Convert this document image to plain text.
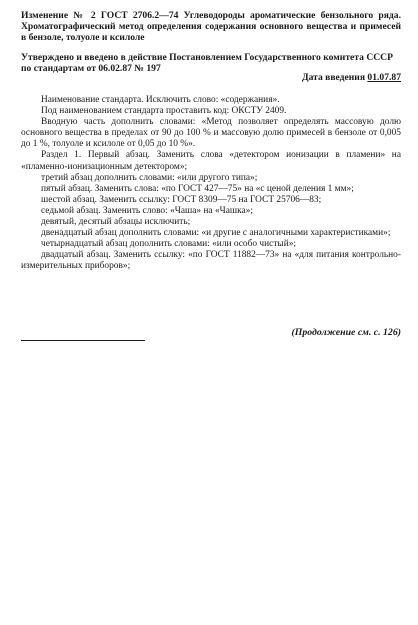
Изменение № 2 ГОСТ 2706.2—74 Углеводороды ароматические бензольного ряда. Хроматографический метод определения содержания основного вещества и примесей в бензоле, толуоле и ксилоле
Утверждено и введено в действие Постановлением Государственного комитета СССР по стандартам от 06.02.87 № 197
Дата введения 01.07.87

Наименование стандарта. Исключить слово: «содержания».

Под наименованием стандарта проставить код: ОКСТУ 2409.

Вводную часть дополнить словами: «Метод позволяет определять массовую долю основного вещества в пределах от 90 до 100 % и массовую долю примесей в бензоле от 0,005 до 1 %, толуоле и ксилоле от 0,05 до 10 %».

Раздел 1. Первый абзац. Заменить слова «детектором ионизации в пламени» на «пламенно-ионизационным детектором»;

третий абзац дополнить словами: «или другого типа»;

пятый абзац. Заменить слова: «по ГОСТ 427—75» на «с ценой деления 1 мм»;

шестой абзац. Заменить ссылку: ГОСТ 8309—75 на ГОСТ 25706—83;

седьмой абзац. Заменить слово: «Чаша» на «Чашка»;

девятый, десятый абзацы исключить;

двенадцатый абзац дополнить словами: «и другие с аналогичными характеристиками»;

четырнадцатый абзац дополнить словами: «или особо чистый»;

двадцатый абзац. Заменить ссылку: «по ГОСТ 11882—73» на «для питания контрольно-измерительных приборов»;

(Продолжение см. с. 126)
